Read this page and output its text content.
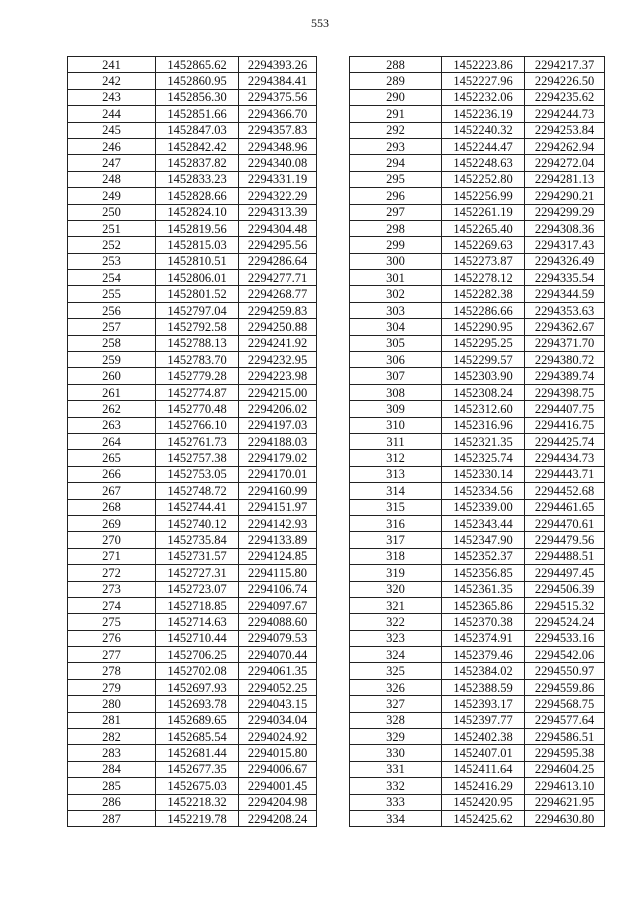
553
241	1452865.62	2294393.26
242	1452860.95	2294384.41
243	1452856.30	2294375.56
244	1452851.66	2294366.70
245	1452847.03	2294357.83
246	1452842.42	2294348.96
247	1452837.82	2294340.08
248	1452833.23	2294331.19
249	1452828.66	2294322.29
250	1452824.10	2294313.39
251	1452819.56	2294304.48
252	1452815.03	2294295.56
253	1452810.51	2294286.64
254	1452806.01	2294277.71
255	1452801.52	2294268.77
256	1452797.04	2294259.83
257	1452792.58	2294250.88
258	1452788.13	2294241.92
259	1452783.70	2294232.95
260	1452779.28	2294223.98
261	1452774.87	2294215.00
262	1452770.48	2294206.02
263	1452766.10	2294197.03
264	1452761.73	2294188.03
265	1452757.38	2294179.02
266	1452753.05	2294170.01
267	1452748.72	2294160.99
268	1452744.41	2294151.97
269	1452740.12	2294142.93
270	1452735.84	2294133.89
271	1452731.57	2294124.85
272	1452727.31	2294115.80
273	1452723.07	2294106.74
274	1452718.85	2294097.67
275	1452714.63	2294088.60
276	1452710.44	2294079.53
277	1452706.25	2294070.44
278	1452702.08	2294061.35
279	1452697.93	2294052.25
280	1452693.78	2294043.15
281	1452689.65	2294034.04
282	1452685.54	2294024.92
283	1452681.44	2294015.80
284	1452677.35	2294006.67
285	1452675.03	2294001.45
286	1452218.32	2294204.98
287	1452219.78	2294208.24
288	1452223.86	2294217.37
289	1452227.96	2294226.50
290	1452232.06	2294235.62
291	1452236.19	2294244.73
292	1452240.32	2294253.84
293	1452244.47	2294262.94
294	1452248.63	2294272.04
295	1452252.80	2294281.13
296	1452256.99	2294290.21
297	1452261.19	2294299.29
298	1452265.40	2294308.36
299	1452269.63	2294317.43
300	1452273.87	2294326.49
301	1452278.12	2294335.54
302	1452282.38	2294344.59
303	1452286.66	2294353.63
304	1452290.95	2294362.67
305	1452295.25	2294371.70
306	1452299.57	2294380.72
307	1452303.90	2294389.74
308	1452308.24	2294398.75
309	1452312.60	2294407.75
310	1452316.96	2294416.75
311	1452321.35	2294425.74
312	1452325.74	2294434.73
313	1452330.14	2294443.71
314	1452334.56	2294452.68
315	1452339.00	2294461.65
316	1452343.44	2294470.61
317	1452347.90	2294479.56
318	1452352.37	2294488.51
319	1452356.85	2294497.45
320	1452361.35	2294506.39
321	1452365.86	2294515.32
322	1452370.38	2294524.24
323	1452374.91	2294533.16
324	1452379.46	2294542.06
325	1452384.02	2294550.97
326	1452388.59	2294559.86
327	1452393.17	2294568.75
328	1452397.77	2294577.64
329	1452402.38	2294586.51
330	1452407.01	2294595.38
331	1452411.64	2294604.25
332	1452416.29	2294613.10
333	1452420.95	2294621.95
334	1452425.62	2294630.80
